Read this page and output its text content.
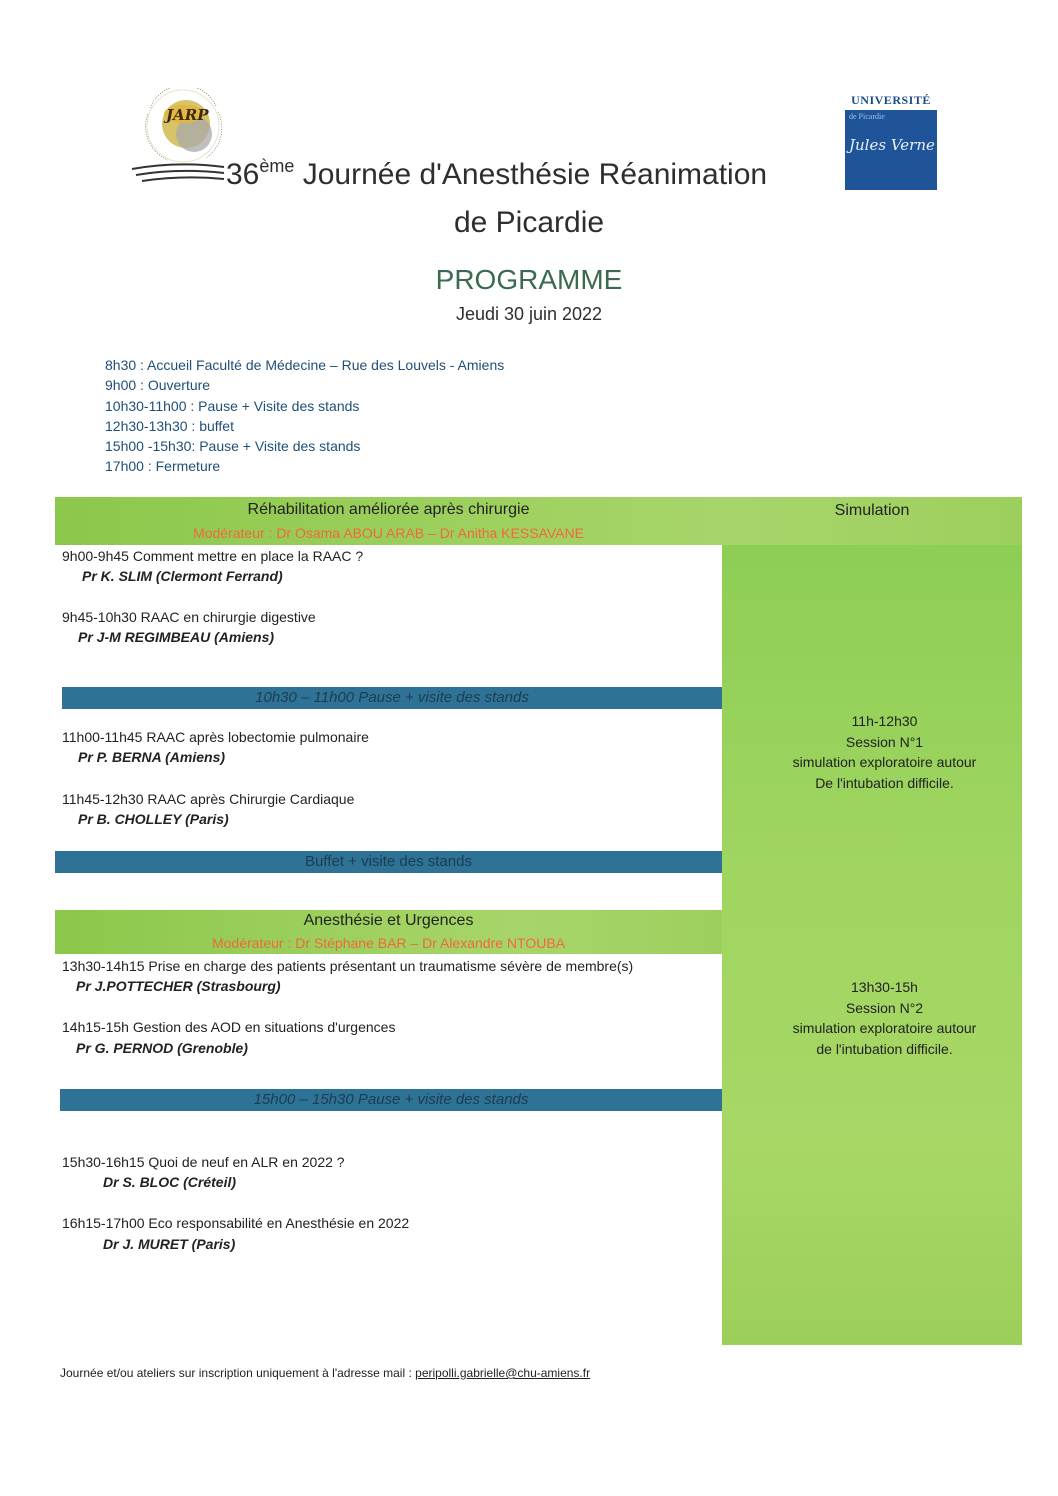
JARP
UNIVERSITÉ
de Picardie
Jules Verne
36ème Journée d'Anesthésie Réanimation
de Picardie
PROGRAMME
Jeudi 30 juin 2022
8h30 : Accueil Faculté de Médecine – Rue des Louvels - Amiens
9h00 : Ouverture
10h30-11h00 : Pause + Visite des stands
12h30-13h30 : buffet
15h00 -15h30: Pause + Visite des stands
17h00 : Fermeture
Réhabilitation améliorée après chirurgie
Modérateur : Dr Osama ABOU ARAB – Dr Anitha KESSAVANE
Simulation
9h00-9h45 Comment mettre en place la RAAC ?
Pr K. SLIM (Clermont Ferrand)
9h45-10h30 RAAC en chirurgie digestive
Pr J-M REGIMBEAU (Amiens)
10h30 – 11h00 Pause + visite des stands
11h00-11h45 RAAC après lobectomie pulmonaire
Pr P. BERNA (Amiens)
11h45-12h30 RAAC après Chirurgie Cardiaque
Pr B. CHOLLEY (Paris)
11h-12h30
Session N°1
simulation exploratoire autour
De l'intubation difficile.
Buffet + visite des stands
Anesthésie et Urgences
Modérateur : Dr Stéphane BAR – Dr Alexandre NTOUBA
13h30-14h15 Prise en charge des patients présentant un traumatisme sévère de membre(s)
Pr J.POTTECHER (Strasbourg)
14h15-15h Gestion des AOD en situations d'urgences
Pr G. PERNOD (Grenoble)
13h30-15h
Session N°2
simulation exploratoire autour
de l'intubation difficile.
15h00 – 15h30 Pause + visite des stands
15h30-16h15 Quoi de neuf en ALR en 2022 ?
Dr S. BLOC (Créteil)
16h15-17h00 Eco responsabilité en Anesthésie en 2022
Dr J. MURET (Paris)
Journée et/ou ateliers sur inscription uniquement à l'adresse mail : peripolli.gabrielle@chu-amiens.fr
